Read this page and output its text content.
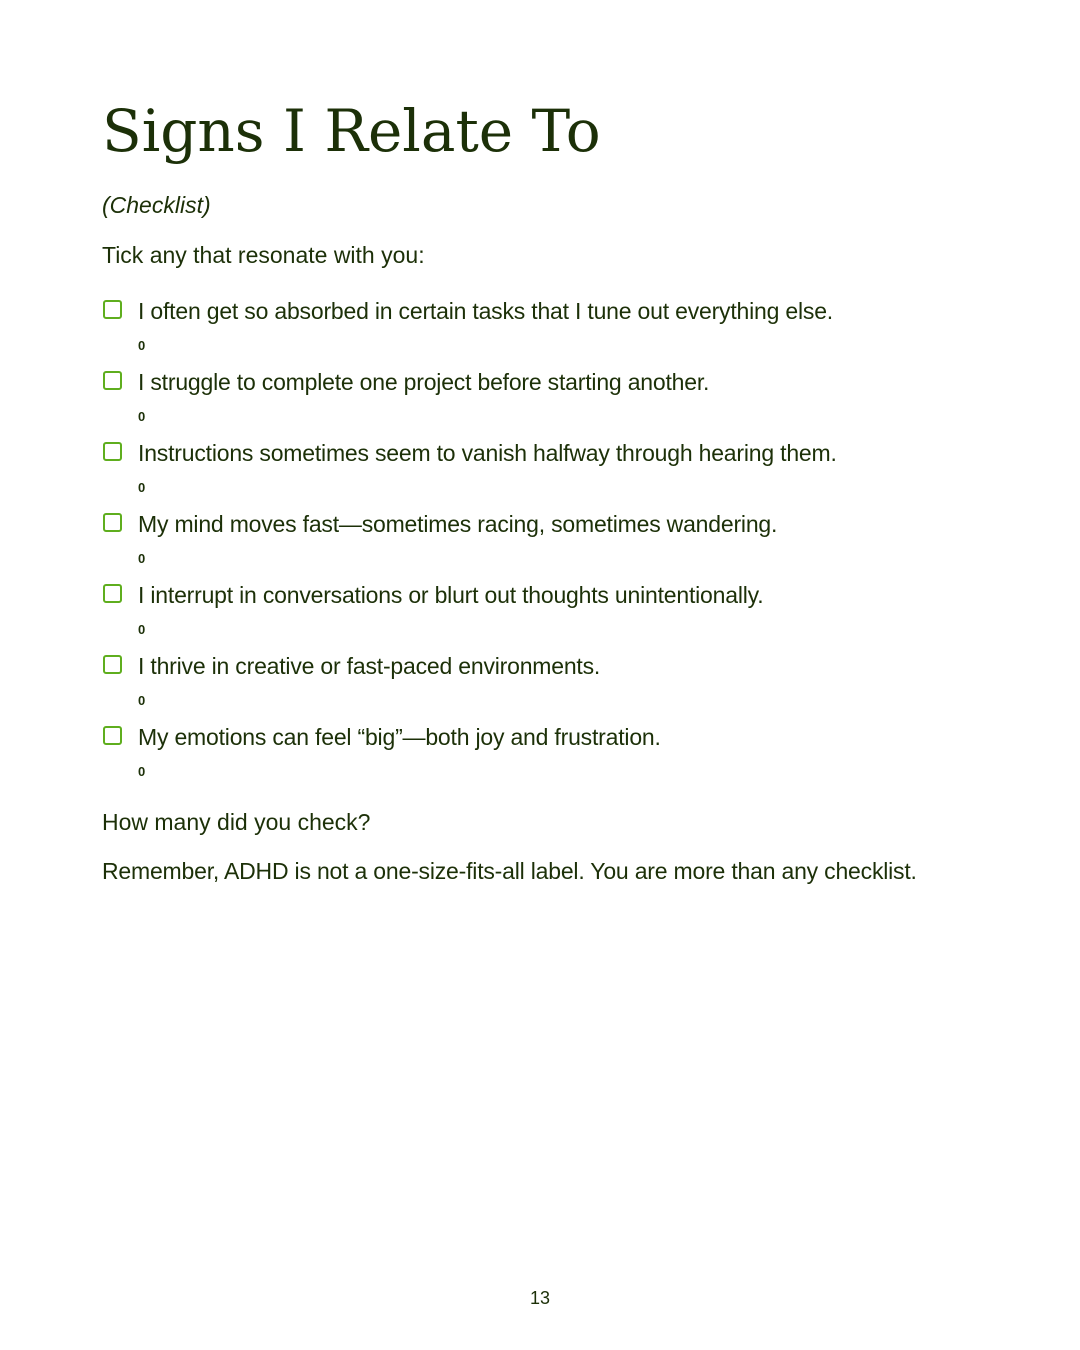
Signs I Relate To

(Checklist)

Tick any that resonate with you:

I often get so absorbed in certain tasks that I tune out everything else.
0
I struggle to complete one project before starting another.
0
Instructions sometimes seem to vanish halfway through hearing them.
0
My mind moves fast—sometimes racing, sometimes wandering.
0
I interrupt in conversations or blurt out thoughts unintentionally.
0
I thrive in creative or fast-paced environments.
0
My emotions can feel “big”—both joy and frustration.
0

How many did you check?

Remember, ADHD is not a one-size-fits-all label. You are more than any checklist.

13
